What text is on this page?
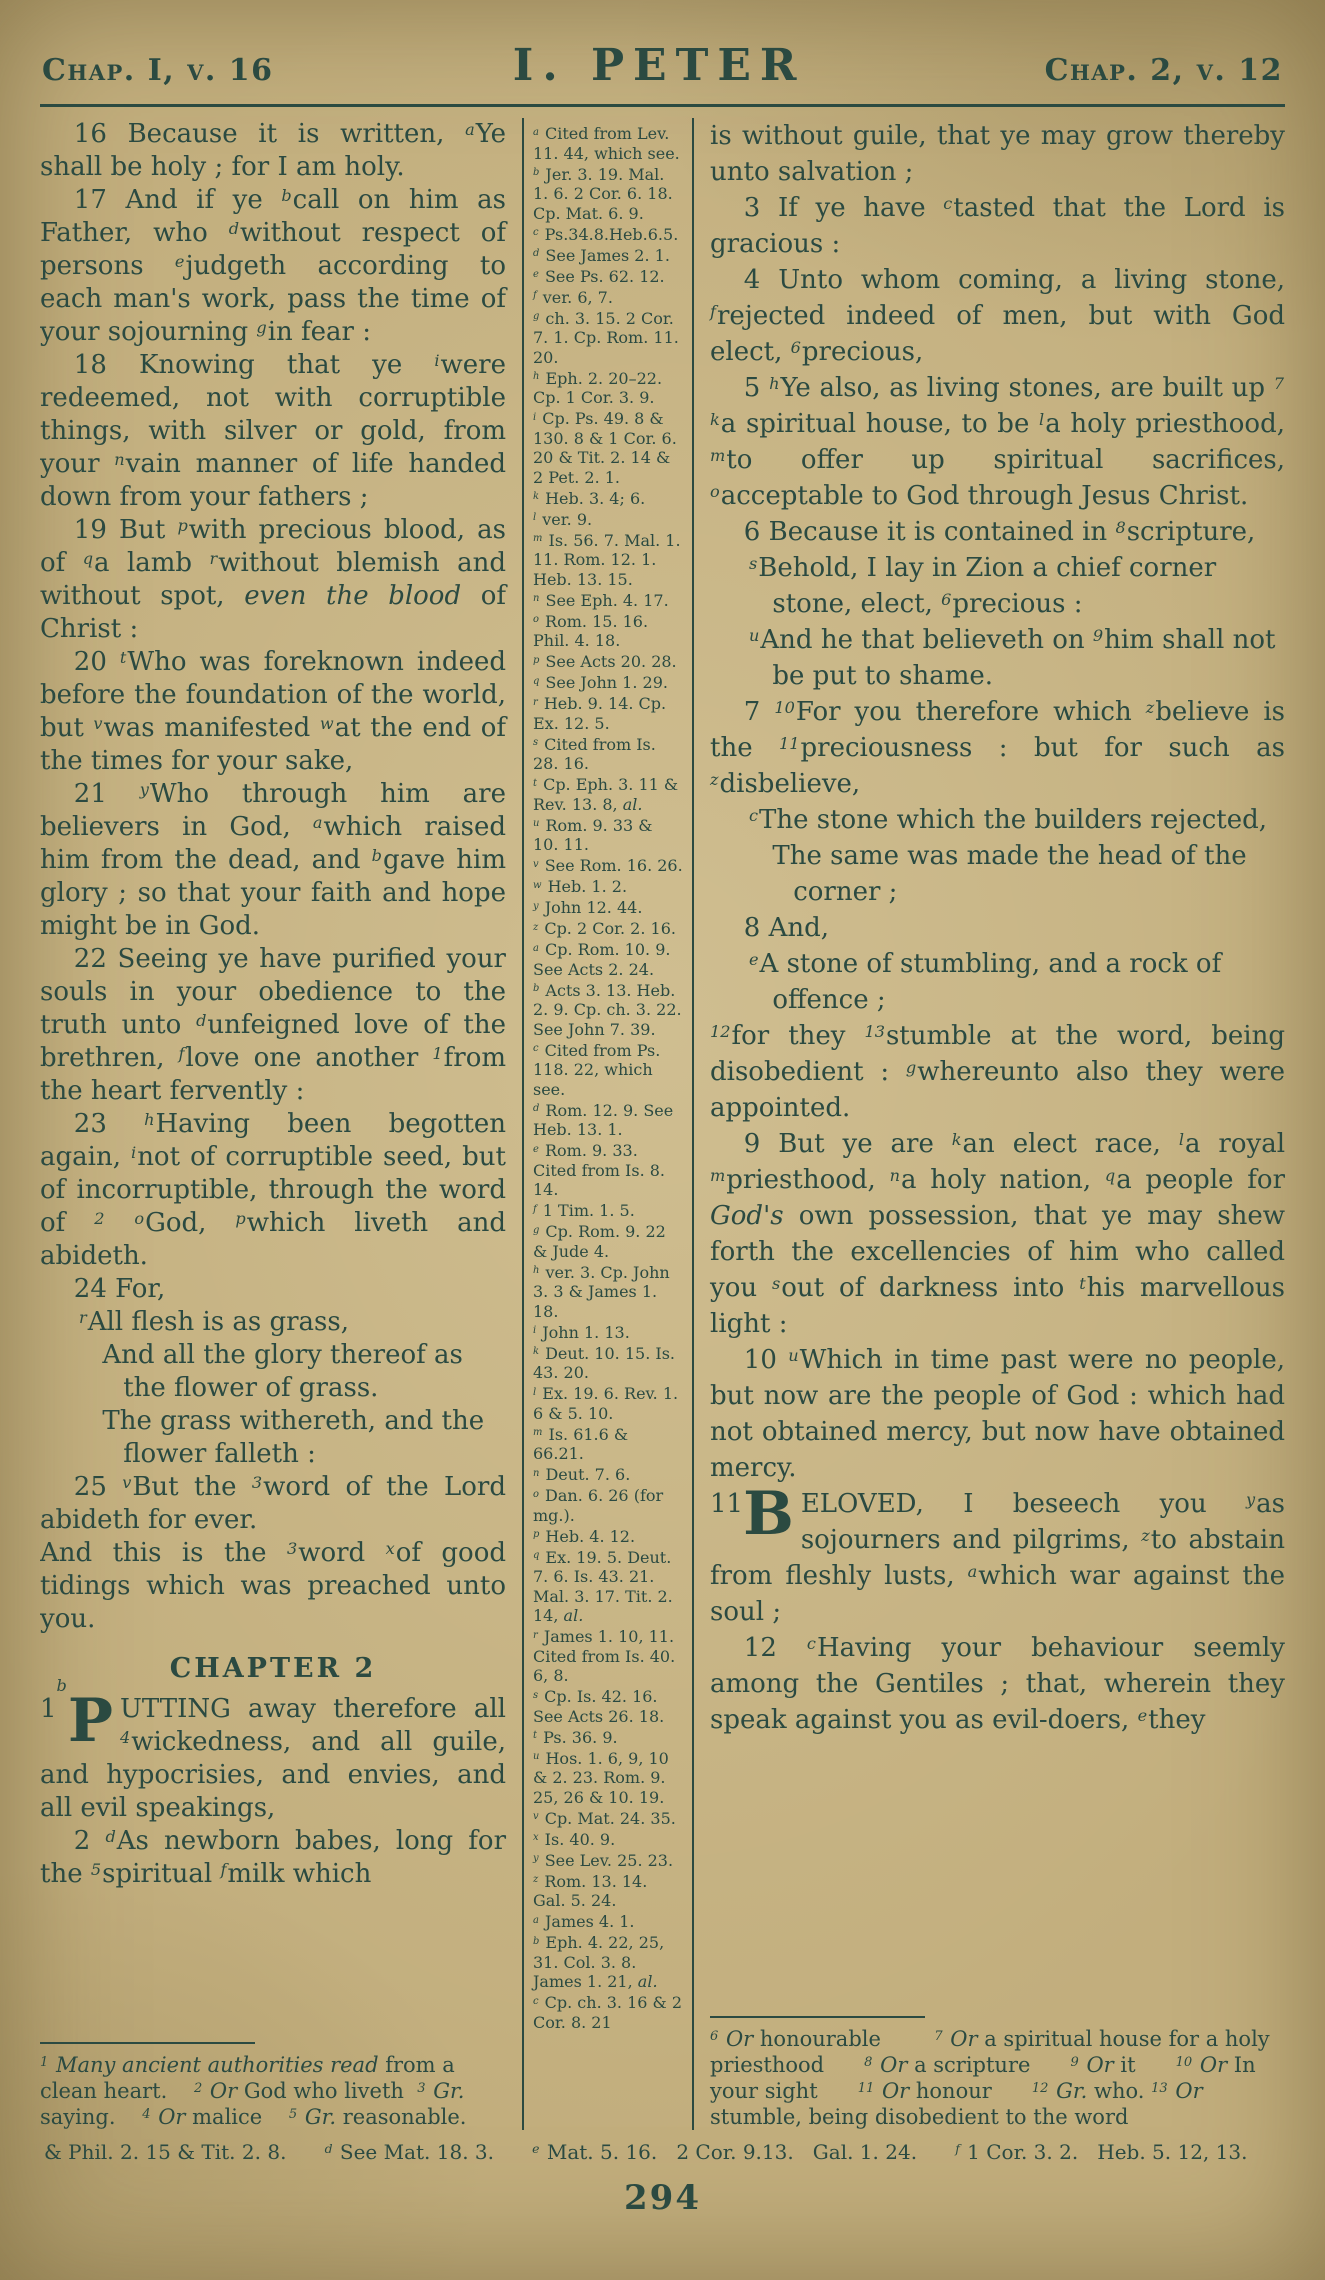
Chap. I, v. 16	I. PETER	Chap. 2, v. 12

16 Because it is written, $^a$Ye shall be holy ; for I am holy.

17 And if ye $^b$call on him as Father, who $^d$without respect of persons $^e$judgeth according to each man's work, pass the time of your sojourning $^g$in fear :

18 Knowing that ye $^i$were redeemed, not with corruptible things, with silver or gold, from your $^n$vain manner of life handed down from your fathers ;

19 But $^p$with precious blood, as of $^q$a lamb $^r$without blemish and without spot, even the blood of Christ :

20 $^t$Who was foreknown indeed before the foundation of the world, but $^v$was manifested $^w$at the end of the times for your sake,

21 $^y$Who through him are believers in God, $^a$which raised him from the dead, and $^b$gave him glory ; so that your faith and hope might be in God.

22 Seeing ye have purified your souls in your obedience to the truth unto $^d$unfeigned love of the brethren, $^f$love one another $^1$from the heart fervently :

23 $^h$Having been begotten again, $^i$not of corruptible seed, but of incorruptible, through the word of $^2$ $^o$God, $^p$which liveth and abideth.

24 For,

$^r$All flesh is as grass,

And all the glory thereof as the flower of grass.

The grass withereth, and the flower falleth :

25 $^v$But the $^3$word of the Lord abideth for ever.

And this is the $^3$word $^x$of good tidings which was preached unto you.

CHAPTER 2

1
$^b$
P UTTING away therefore all $^4$wickedness, and all guile, and hypocrisies, and envies, and all evil speakings,

2 $^d$As newborn babes, long for the $^5$spiritual $^f$milk which

$^1$ Many ancient authorities read from a clean heart.    $^2$ Or God who liveth  $^3$ Gr. saying.    $^4$ Or malice    $^5$ Gr. reasonable.
$^a$ Cited from Lev. 11. 44, which see.
$^b$ Jer. 3. 19. Mal. 1. 6. 2 Cor. 6. 18. Cp. Mat. 6. 9.
$^c$ Ps.34.8.Heb.6.5.
$^d$ See James 2. 1.
$^e$ See Ps. 62. 12.
$^f$ ver. 6, 7.
$^g$ ch. 3. 15. 2 Cor. 7. 1. Cp. Rom. 11. 20.
$^h$ Eph. 2. 20–22. Cp. 1 Cor. 3. 9.
$^i$ Cp. Ps. 49. 8 & 130. 8 & 1 Cor. 6. 20 & Tit. 2. 14 & 2 Pet. 2. 1.
$^k$ Heb. 3. 4; 6.
$^l$ ver. 9.
$^m$ Is. 56. 7. Mal. 1. 11. Rom. 12. 1. Heb. 13. 15.
$^n$ See Eph. 4. 17.
$^o$ Rom. 15. 16. Phil. 4. 18.
$^p$ See Acts 20. 28.
$^q$ See John 1. 29.
$^r$ Heb. 9. 14. Cp. Ex. 12. 5.
$^s$ Cited from Is. 28. 16.
$^t$ Cp. Eph. 3. 11 & Rev. 13. 8, al.
$^u$ Rom. 9. 33 & 10. 11.
$^v$ See Rom. 16. 26.
$^w$ Heb. 1. 2.
$^y$ John 12. 44.
$^z$ Cp. 2 Cor. 2. 16.
$^a$ Cp. Rom. 10. 9. See Acts 2. 24.
$^b$ Acts 3. 13. Heb. 2. 9. Cp. ch. 3. 22. See John 7. 39.
$^c$ Cited from Ps. 118. 22, which see.
$^d$ Rom. 12. 9. See Heb. 13. 1.
$^e$ Rom. 9. 33. Cited from Is. 8. 14.
$^f$ 1 Tim. 1. 5.
$^g$ Cp. Rom. 9. 22 & Jude 4.
$^h$ ver. 3. Cp. John 3. 3 & James 1. 18.
$^i$ John 1. 13.
$^k$ Deut. 10. 15. Is. 43. 20.
$^l$ Ex. 19. 6. Rev. 1. 6 & 5. 10.
$^m$ Is. 61.6 & 66.21.
$^n$ Deut. 7. 6.
$^o$ Dan. 6. 26 (for mg.).
$^p$ Heb. 4. 12.
$^q$ Ex. 19. 5. Deut. 7. 6. Is. 43. 21. Mal. 3. 17. Tit. 2. 14, al.
$^r$ James 1. 10, 11. Cited from Is. 40. 6, 8.
$^s$ Cp. Is. 42. 16. See Acts 26. 18.
$^t$ Ps. 36. 9.
$^u$ Hos. 1. 6, 9, 10 & 2. 23. Rom. 9. 25, 26 & 10. 19.
$^v$ Cp. Mat. 24. 35.
$^x$ Is. 40. 9.
$^y$ See Lev. 25. 23.
$^z$ Rom. 13. 14. Gal. 5. 24.
$^a$ James 4. 1.
$^b$ Eph. 4. 22, 25, 31. Col. 3. 8. James 1. 21, al.
$^c$ Cp. ch. 3. 16 & 2 Cor. 8. 21

is without guile, that ye may grow thereby unto salvation ;

3 If ye have $^c$tasted that the Lord is gracious :

4 Unto whom coming, a living stone, $^f$rejected indeed of men, but with God elect, $^6$precious,

5 $^h$Ye also, as living stones, are built up $^7$ $^k$a spiritual house, to be $^l$a holy priesthood, $^m$to offer up spiritual sacrifices, $^o$acceptable to God through Jesus Christ.

6 Because it is contained in $^8$scripture,

$^s$Behold, I lay in Zion a chief corner stone, elect, $^6$precious :

$^u$And he that believeth on $^9$him shall not be put to shame.

7 $^{10}$For you therefore which $^z$believe is the $^{11}$preciousness : but for such as $^z$disbelieve,

$^c$The stone which the builders rejected,

The same was made the head of the corner ;

8 And,

$^e$A stone of stumbling, and a rock of offence ;

$^{12}$for they $^{13}$stumble at the word, being disobedient : $^g$whereunto also they were appointed.

9 But ye are $^k$an elect race, $^l$a royal $^m$priesthood, $^n$a holy nation, $^q$a people for God's own possession, that ye may shew forth the excellencies of him who called you $^s$out of darkness into $^t$his marvellous light :

10 $^u$Which in time past were no people, but now are the people of God : which had not obtained mercy, but now have obtained mercy.

11 B ELOVED, I beseech you $^y$as sojourners and pilgrims, $^z$to abstain from fleshly lusts, $^a$which war against the soul ;

12 $^c$Having your behaviour seemly among the Gentiles ; that, wherein they speak against you as evil-doers, $^e$they

$^6$ Or honourable        $^7$ Or a spiritual house for a holy priesthood      $^8$ Or a scripture      $^9$ Or it      $^{10}$ Or In your sight      $^{11}$ Or honour      $^{12}$ Gr. who. $^{13}$ Or stumble, being disobedient to the word
& Phil. 2. 15 & Tit. 2. 8.      $^d$ See Mat. 18. 3.      $^e$ Mat. 5. 16.   2 Cor. 9.13.   Gal. 1. 24.      $^f$ 1 Cor. 3. 2.   Heb. 5. 12, 13.
294
